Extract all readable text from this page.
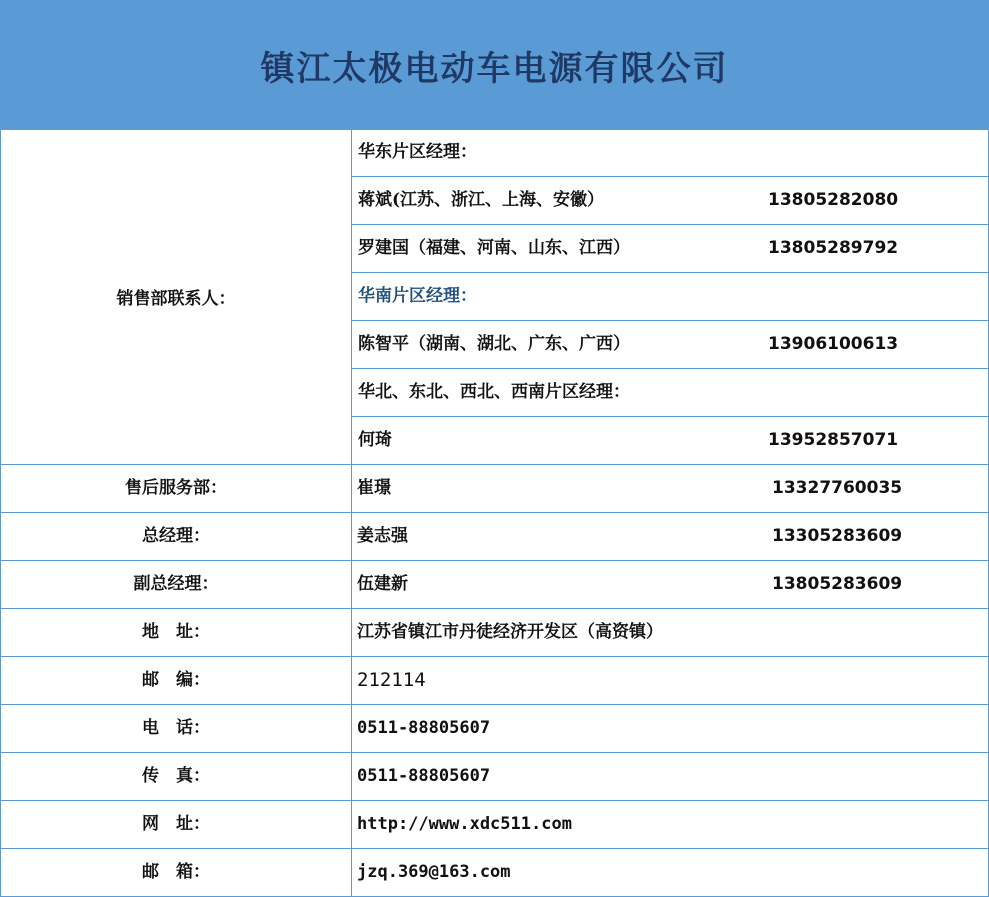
镇江太极电动车电源有限公司
销售部联系人：
华东片区经理：
蒋斌(江苏、浙江、上海、安徽）	13805282080
罗建国（福建、河南、山东、江西）	13805289792
华南片区经理：
陈智平（湖南、湖北、广东、广西）	13906100613
华北、东北、西北、西南片区经理：
何琦	13952857071
售后服务部：	崔璟	13327760035
总经理：	姜志强	13305283609
副总经理：	伍建新	13805283609
地　址：	江苏省镇江市丹徒经济开发区（高资镇）
邮　编：	212114
电　话：	0511-88805607
传　真：	0511-88805607
网　址：	http://www.xdc511.com
邮　箱：	jzq.369@163.com
